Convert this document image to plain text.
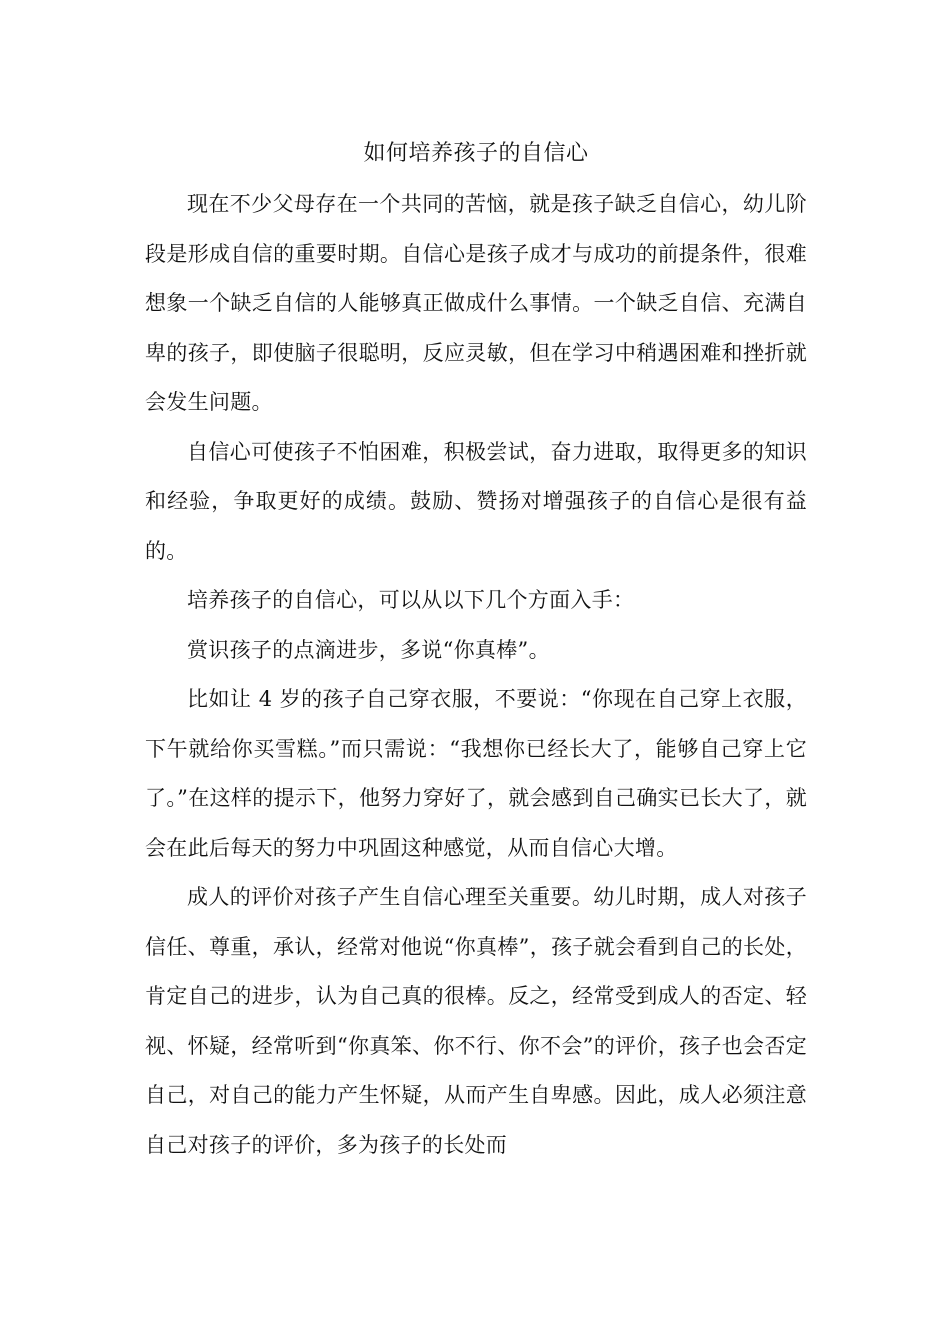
如何培养孩子的自信心

现在不少父母存在一个共同的苦恼，就是孩子缺乏自信心，幼儿阶段是形成自信的重要时期。自信心是孩子成才与成功的前提条件，很难想象一个缺乏自信的人能够真正做成什么事情。一个缺乏自信、充满自卑的孩子，即使脑子很聪明，反应灵敏，但在学习中稍遇困难和挫折就会发生问题。

自信心可使孩子不怕困难，积极尝试，奋力进取，取得更多的知识和经验，争取更好的成绩。鼓励、赞扬对增强孩子的自信心是很有益的。

培养孩子的自信心，可以从以下几个方面入手：

赏识孩子的点滴进步，多说“你真棒”。

比如让 4 岁的孩子自己穿衣服，不要说：“你现在自己穿上衣服，下午就给你买雪糕。”而只需说：“我想你已经长大了，能够自己穿上它了。”在这样的提示下，他努力穿好了，就会感到自己确实已长大了，就会在此后每天的努力中巩固这种感觉，从而自信心大增。

成人的评价对孩子产生自信心理至关重要。幼儿时期，成人对孩子信任、尊重，承认，经常对他说“你真棒”，孩子就会看到自己的长处，肯定自己的进步，认为自己真的很棒。反之，经常受到成人的否定、轻视、怀疑，经常听到“你真笨、你不行、你不会”的评价，孩子也会否定自己，对自己的能力产生怀疑，从而产生自卑感。因此，成人必须注意自己对孩子的评价，多为孩子的长处而
